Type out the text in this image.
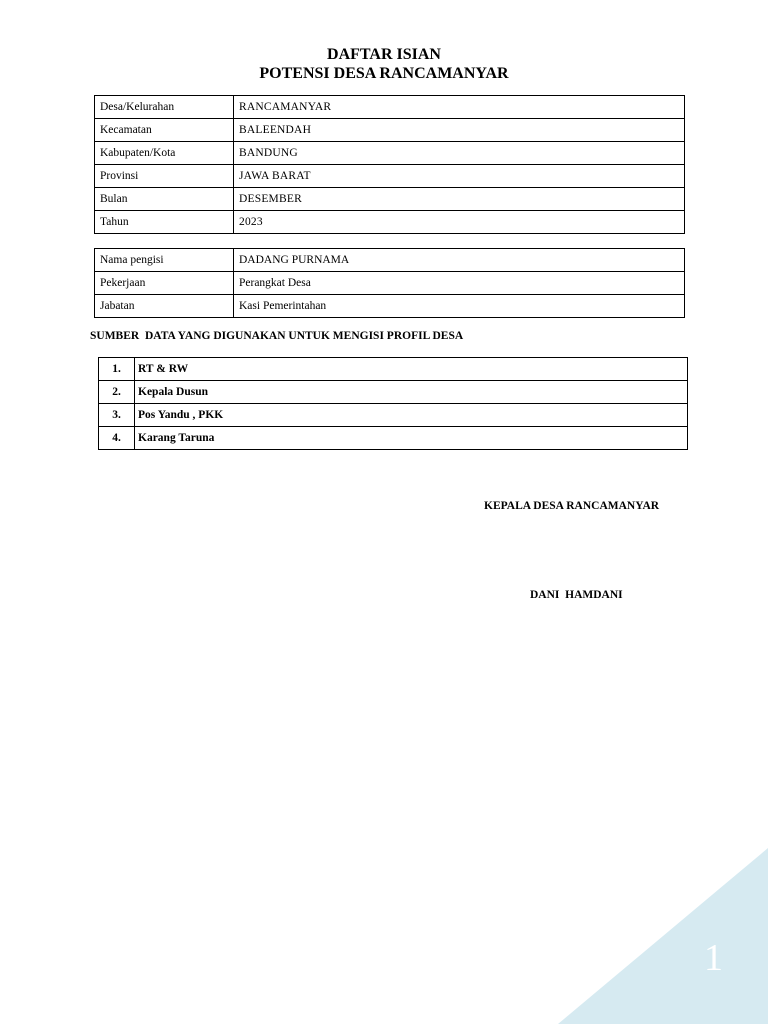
DAFTAR ISIAN
POTENSI DESA RANCAMANYAR
Desa/Kelurahan	RANCAMANYAR
Kecamatan	BALEENDAH
Kabupaten/Kota	BANDUNG
Provinsi	JAWA BARAT
Bulan	DESEMBER
Tahun	2023
Nama pengisi	DADANG PURNAMA
Pekerjaan	Perangkat Desa
Jabatan	Kasi Pemerintahan

SUMBER  DATA YANG DIGUNAKAN UNTUK MENGISI PROFIL DESA

1.	RT & RW
2.	Kepala Dusun
3.	Pos Yandu , PKK
4.	Karang Taruna
KEPALA DESA RANCAMANYAR
DANI  HAMDANI
1
